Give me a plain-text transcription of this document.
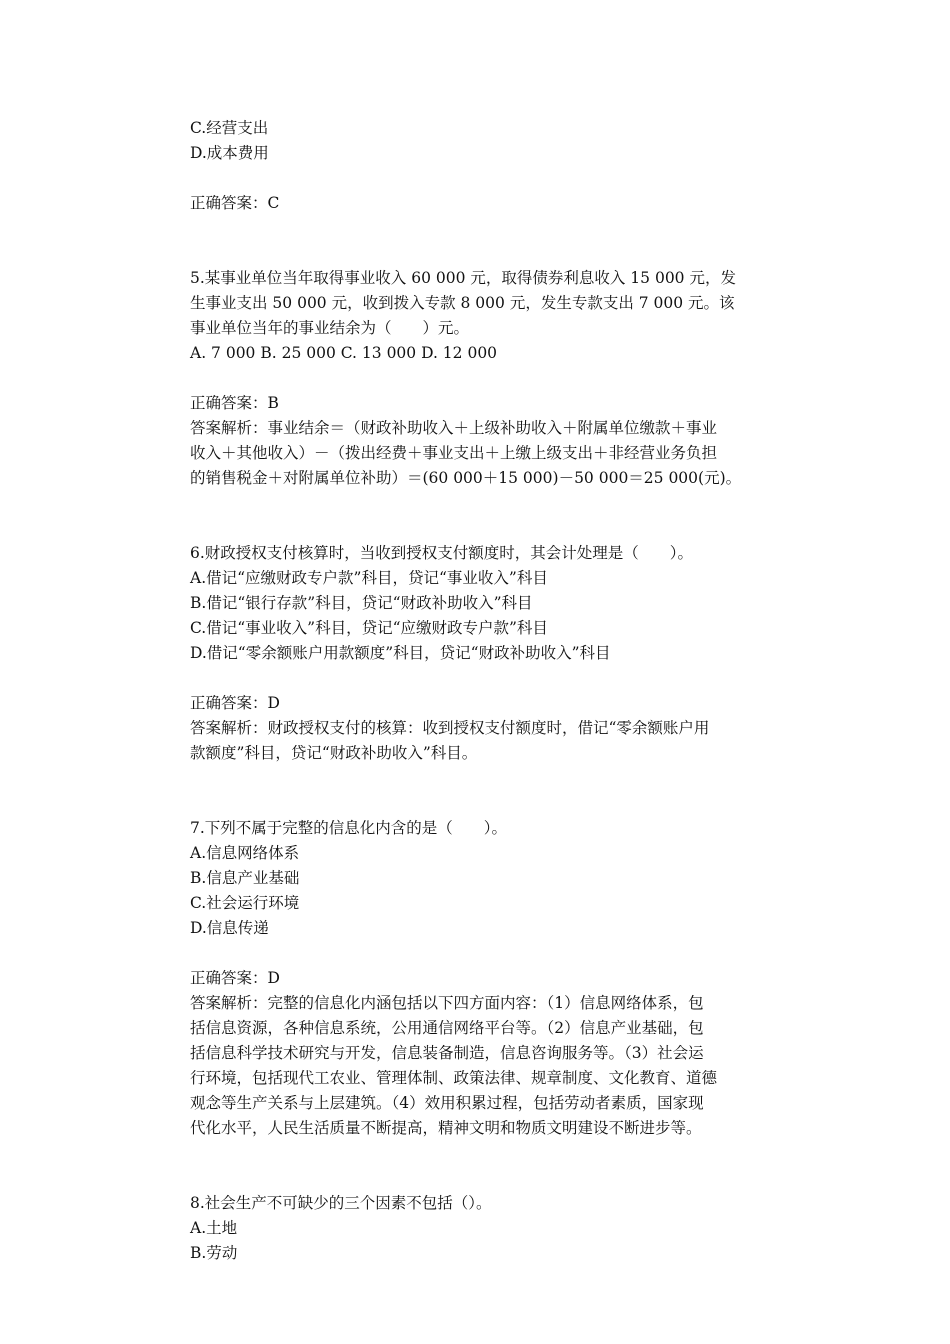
C.经营支出
D.成本费用
正确答案：C
5.某事业单位当年取得事业收入 60 000 元，取得债券利息收入 15 000 元，发
生事业支出 50 000 元，收到拨入专款 8 000 元，发生专款支出 7 000 元。该
事业单位当年的事业结余为（　　）元。
A. 7 000 B. 25 000 C. 13 000 D. 12 000
正确答案：B
答案解析：事业结余＝（财政补助收入＋上级补助收入＋附属单位缴款＋事业
收入＋其他收入）－（拨出经费＋事业支出＋上缴上级支出＋非经营业务负担
的销售税金＋对附属单位补助）＝(60 000＋15 000)－50 000＝25 000(元)。
6.财政授权支付核算时，当收到授权支付额度时，其会计处理是（　　）。
A.借记“应缴财政专户款”科目，贷记“事业收入”科目
B.借记“银行存款”科目，贷记“财政补助收入”科目
C.借记“事业收入”科目，贷记“应缴财政专户款”科目
D.借记“零余额账户用款额度”科目，贷记“财政补助收入”科目
正确答案：D
答案解析：财政授权支付的核算：收到授权支付额度时，借记“零余额账户用
款额度”科目，贷记“财政补助收入”科目。
7.下列不属于完整的信息化内含的是（　　）。
A.信息网络体系
B.信息产业基础
C.社会运行环境
D.信息传递
正确答案：D
答案解析：完整的信息化内涵包括以下四方面内容：（1）信息网络体系，包
括信息资源，各种信息系统，公用通信网络平台等。（2）信息产业基础，包
括信息科学技术研究与开发，信息装备制造，信息咨询服务等。（3）社会运
行环境，包括现代工农业、管理体制、政策法律、规章制度、文化教育、道德
观念等生产关系与上层建筑。（4）效用积累过程，包括劳动者素质，国家现
代化水平，人民生活质量不断提高，精神文明和物质文明建设不断进步等。
8.社会生产不可缺少的三个因素不包括（）。
A.土地
B.劳动
